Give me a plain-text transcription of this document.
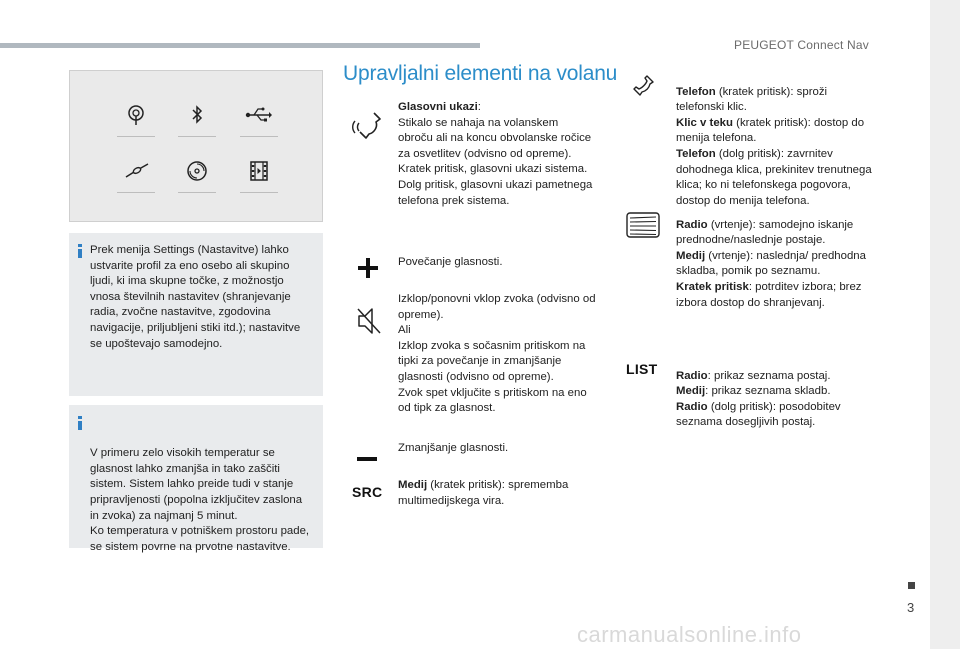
PEUGEOT Connect Nav
3
Prek menija Settings (Nastavitve) lahko ustvarite profil za eno osebo ali skupino ljudi, ki ima skupne točke, z možnostjo vnosa številnih nastavitev (shranjevanje radia, zvočne nastavitve, zgodovina navigacije, priljubljeni stiki itd.); nastavitve se upoštevajo samodejno.

V primeru zelo visokih temperatur se glasnost lahko zmanjša in tako zaščiti sistem. Sistem lahko preide tudi v stanje pripravljenosti (popolna izključitev zaslona in zvoka) za najmanj 5 minut.
Ko temperatura v potniškem prostoru pade, se sistem povrne na prvotne nastavitve.

Upravljalni elementi na volanu
Glasovni ukazi:
Stikalo se nahaja na volanskem obroču ali na koncu obvolanske ročice za osvetlitev (odvisno od opreme).
Kratek pritisk, glasovni ukazi sistema.
Dolg pritisk, glasovni ukazi pametnega telefona prek sistema.
Povečanje glasnosti.
Izklop/ponovni vklop zvoka (odvisno od opreme).
Ali
Izklop zvoka s sočasnim pritiskom na tipki za povečanje in zmanjšanje glasnosti (odvisno od opreme).
Zvok spet vključite s pritiskom na eno od tipk za glasnost.
Zmanjšanje glasnosti.
SRC Medij (kratek pritisk): sprememba multimedijskega vira.

Telefon (kratek pritisk): sproži telefonski klic.
Klic v teku (kratek pritisk): dostop do menija telefona.
Telefon (dolg pritisk): zavrnitev dohodnega klica, prekinitev trenutnega klica; ko ni telefonskega pogovora, dostop do menija telefona.

Radio (vrtenje): samodejno iskanje prednodne/naslednje postaje.
Medij (vrtenje): naslednja/ predhodna skladba, pomik po seznamu.
Kratek pritisk: potrditev izbora; brez izbora dostop do shranjevanj.

LIST Radio: prikaz seznama postaj.
Medij: prikaz seznama skladb.
Radio (dolg pritisk): posodobitev seznama dosegljivih postaj.

carmanualsonline.info
